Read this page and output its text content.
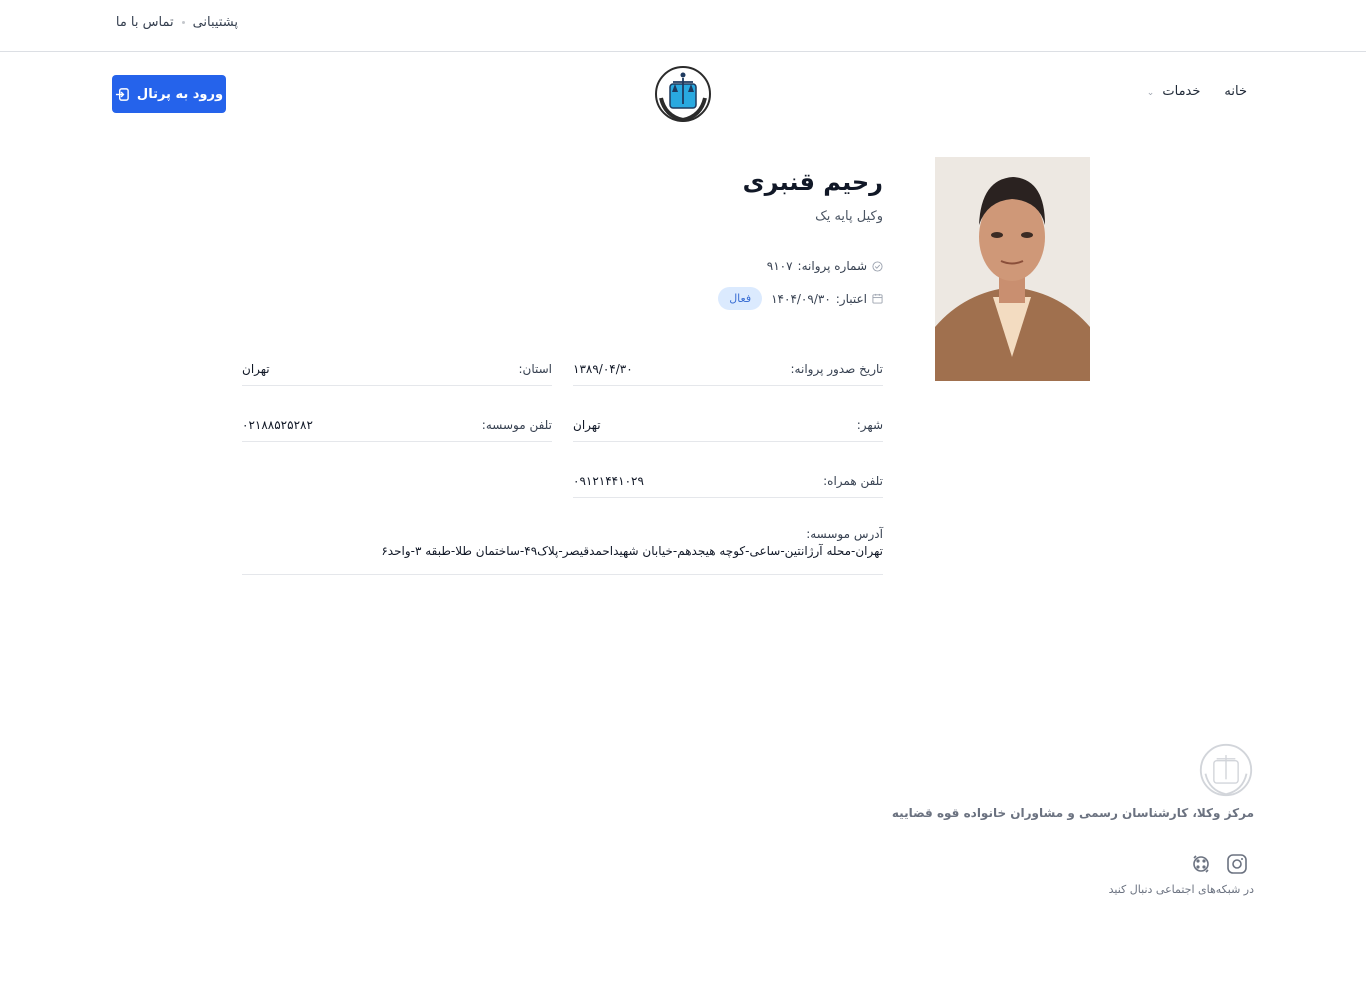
پشتیبانی
تماس با ما
خانه
خدمات ⌄
ورود به پرتال
رحیم قنبری
وکیل پایه یک
شماره پروانه:
۹۱۰۷
اعتبار:
۱۴۰۴/۰۹/۳۰
فعال
تاریخ صدور پروانه:
۱۳۸۹/۰۴/۳۰
استان:
تهران
شهر:
تهران
تلفن موسسه:
۰۲۱۸۸۵۲۵۲۸۲
تلفن همراه:
۰۹۱۲۱۴۴۱۰۲۹
آدرس موسسه:
تهران-محله آرژانتین-ساعی-کوچه هیجدهم-خیابان شهیداحمدقیصر-پلاک۴۹-ساختمان طلا-طبقه ۳-واحد۶
مرکز وکلا، کارشناسان رسمی و مشاوران خانواده قوه قضاییه
در شبکه‌های اجتماعی دنبال کنید
